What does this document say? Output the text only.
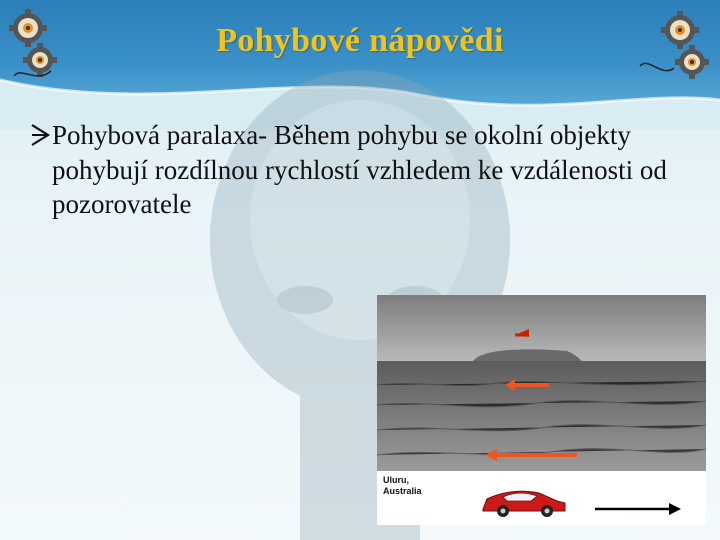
Pohybové nápovědi
Pohybová paralaxa- Během pohybu se okolní objekty pohybují rozdílnou rychlostí vzhledem ke vzdálenosti od pozorovatele
Uluru,
Australia
